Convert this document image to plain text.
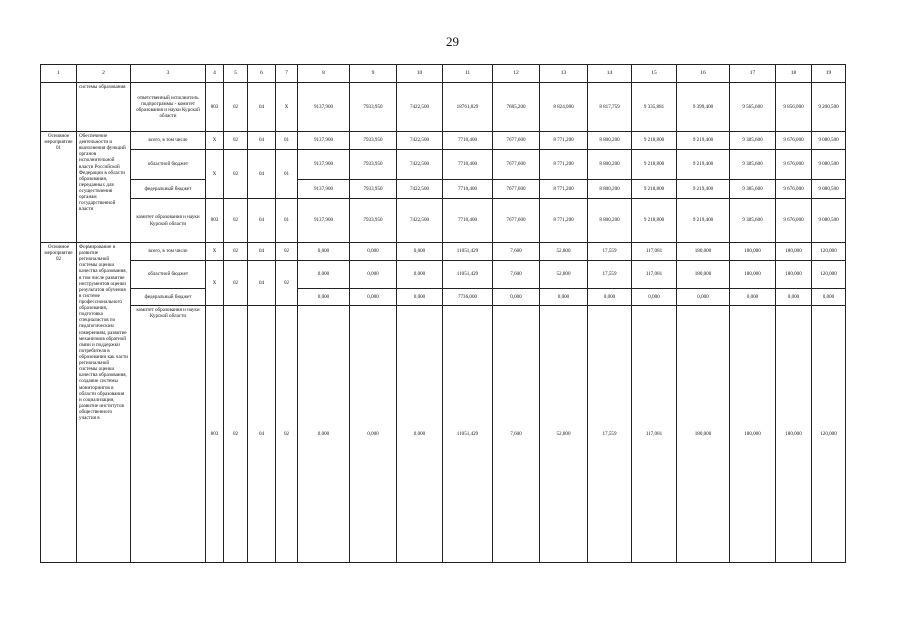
29
1	2	3	4	5	6	7	8	9	10	11	12	13	14	15	16	17	18	19
	системы образования	ответственный исполнитель подпрограммы - комитет образования и науки Курской области	803	02	04	X	9137,900	7933,950	7422,500	18761,829	7685,200	8 824,000	8 817,759	9 335,881	9 399,400	9 565,600	9 856,000	9 200,500
Основное мероприятие 01	Обеспечение деятельности и выполнения функций органов исполнительной власти Российской Федерации в области образования, переданных для осуществления органам государственной власти	всего, в том числе	X	02	04	01	9137,900	7933,950	7422,500	7710,400	7677,600	8 771,200	8 800,200	9 218,800	9 219,400	9 385,600	9 676,000	9 080,500
		областной бюджет	X	02	04	01	9137,900	7933,950	7422,500	7710,400	7677,600	8 771,200	8 800,200	9 218,800	9 219,400	9 385,600	9 676,000	9 080,500
		федеральный бюджет					9137,900	7933,950	7422,500	7710,400	7677,600	8 771,200	8 800,200	9 218,800	9 219,400	9 385,600	9 676,000	9 080,500
		комитет образования и науки Курской области	803	02	04	01	9137,900	7933,950	7422,500	7710,400	7677,600	8 771,200	8 800,200	9 218,800	9 219,400	9 385,600	9 676,000	9 080,500
Основное мероприятие 02	Формирование и развитие региональной системы оценки качества образования, в том числе развитие инструментов оценки результатов обучения в системе профессионального образования, подготовка специалистов по педагогическим измерениям, развитие механизмов обратной связи и поддержки потребителя в образовании как части региональной системы оценки качества образования, создание системы мониторингов в области образования и социализации, развитие институтов общественного участия в	всего, в том числе	X	02	04	02	0,000	0,000	0,000	11051,429	7,600	52,800	17,559	117,081	180,000	180,000	180,000	120,000
		областной бюджет	X	02	04	02	0,000	0,000	0,000	11051,429	7,600	52,800	17,559	117,081	180,000	180,000	180,000	120,000
		федеральный бюджет					0,000	0,000	0,000	7736,000	0,000	0,000	0,000	0,000	0,000	0,000	0,000	0,000
		комитет образования и науки Курской области	803	02	04	02	0,000	0,000	0,000	11051,429	7,600	52,800	17,559	117,081	180,000	180,000	180,000	120,000
